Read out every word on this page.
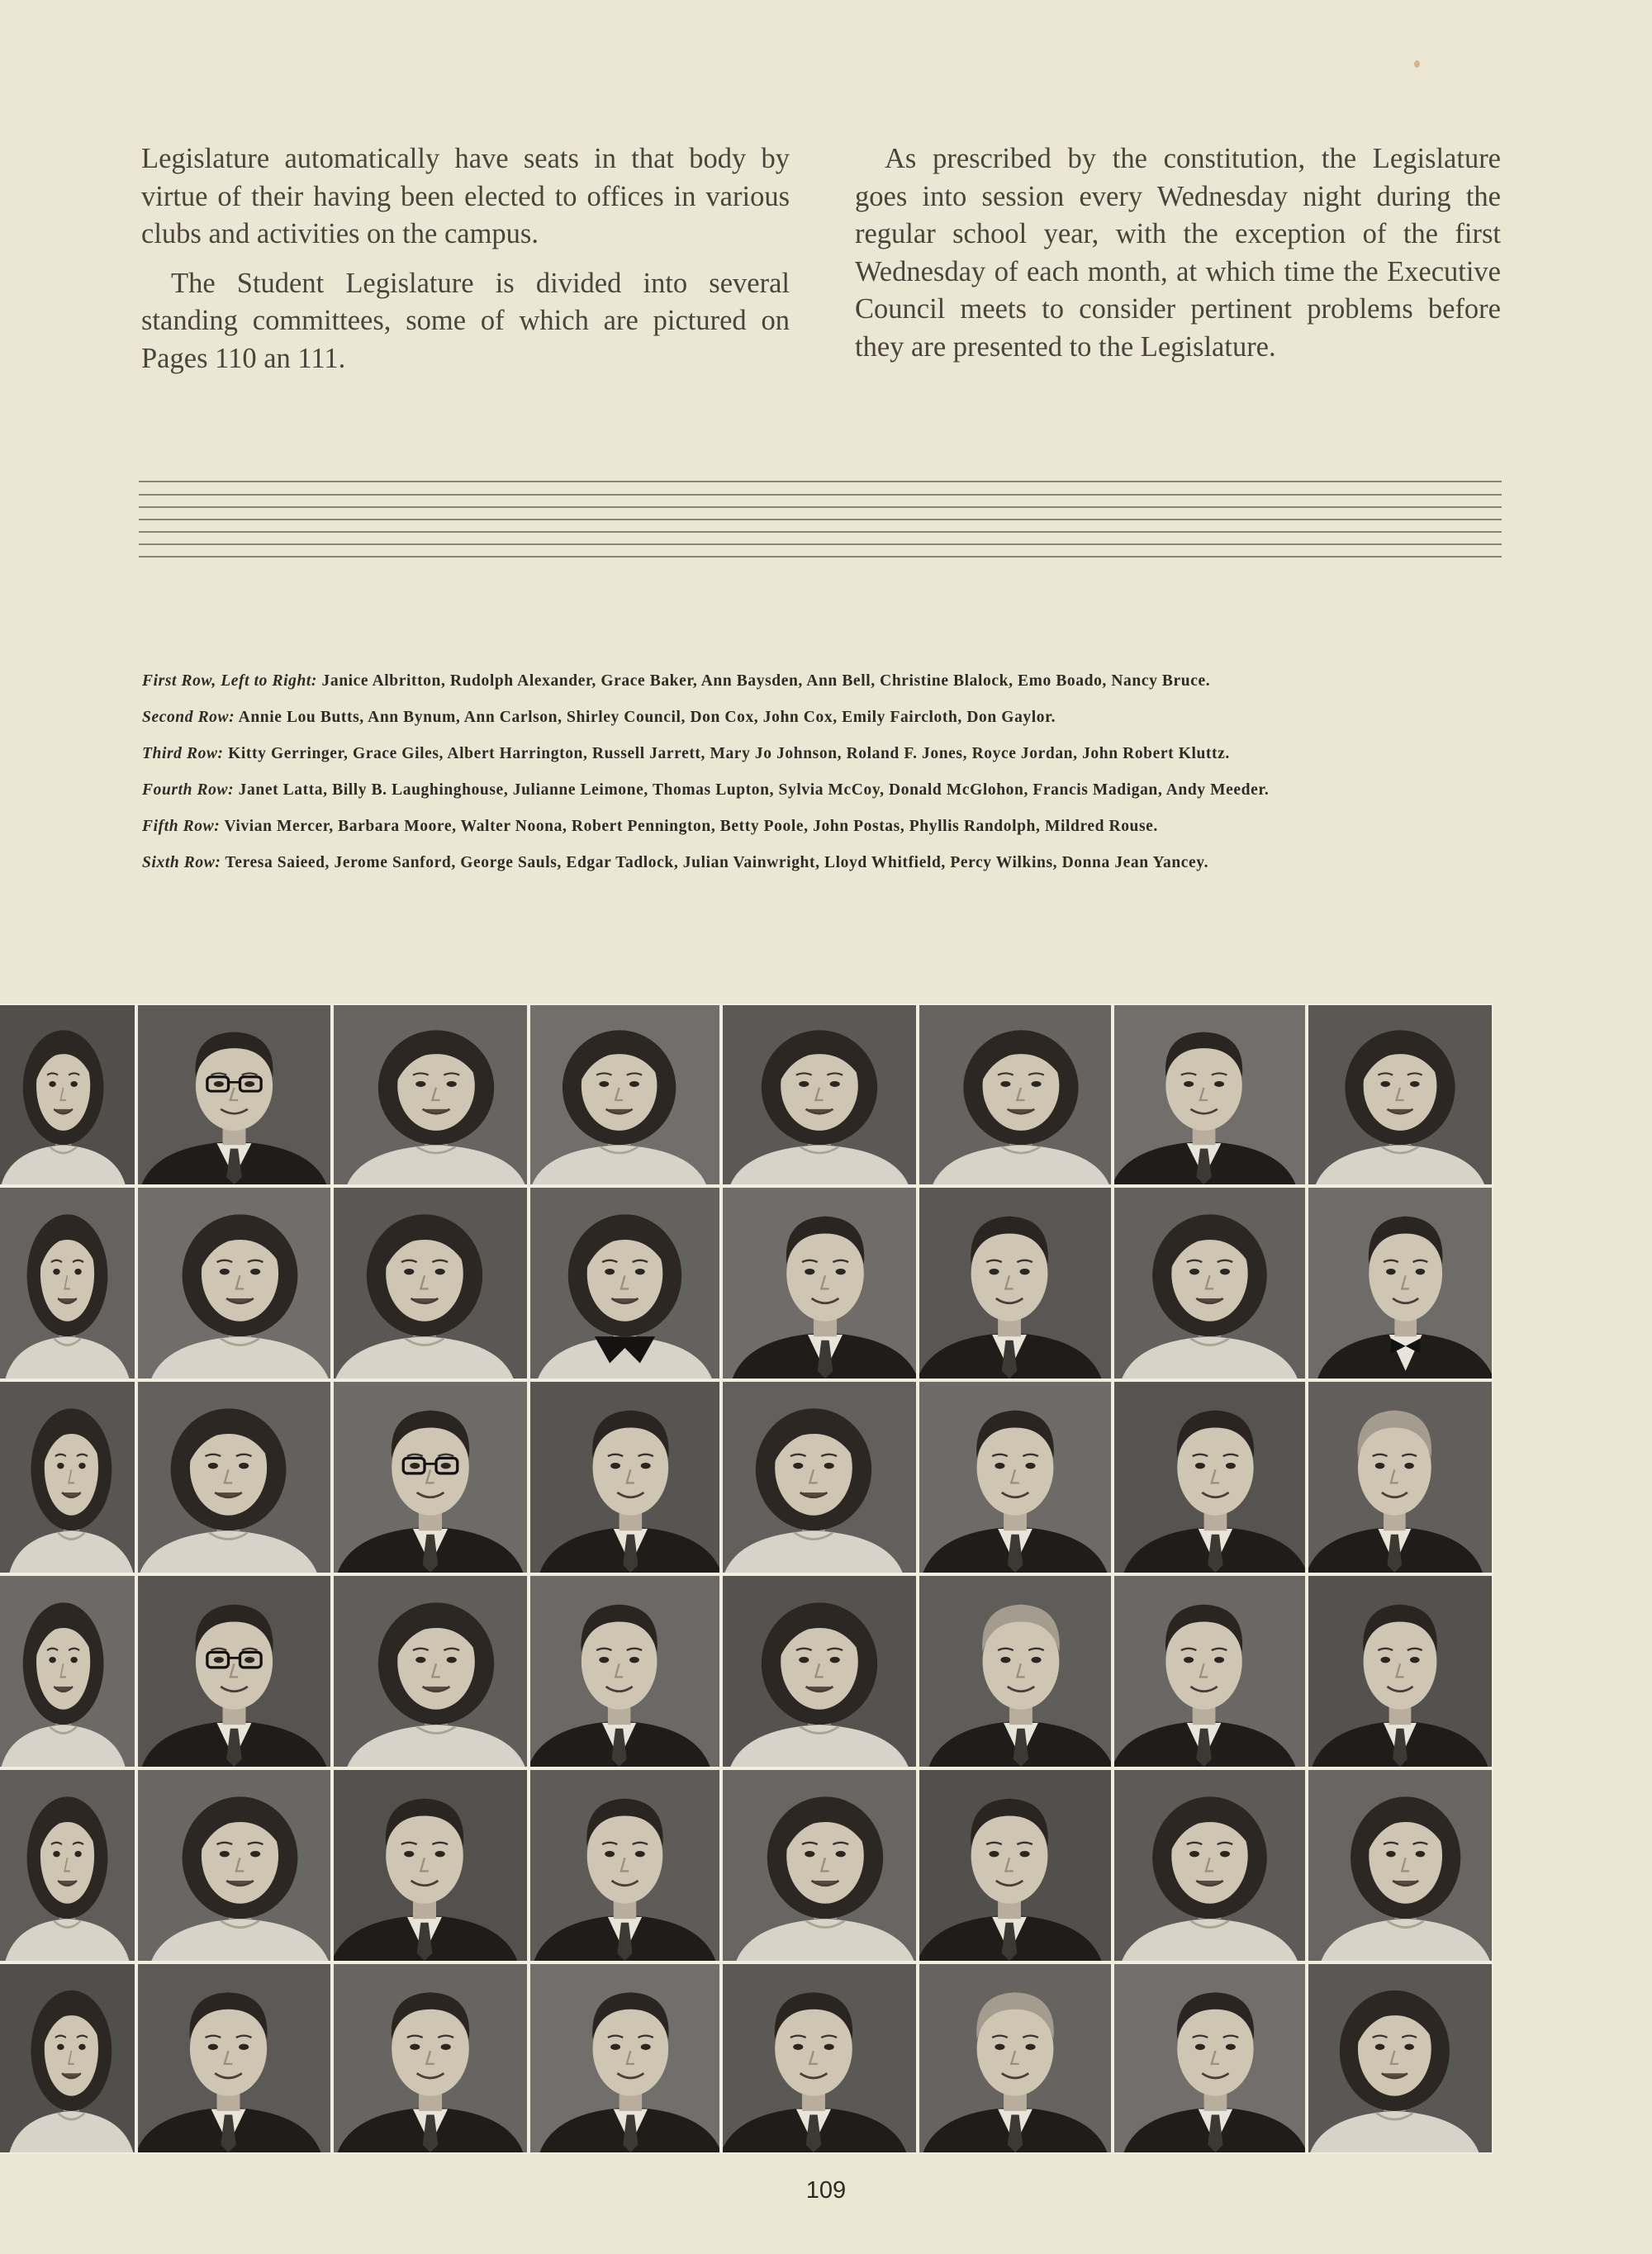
Legislature automatically have seats in that body by virtue of their having been elected to offices in various clubs and activities on the campus.

The Student Legislature is divided into several standing committees, some of which are pictured on Pages 110 an 111.

As prescribed by the constitution, the Legislature goes into session every Wednesday night during the regular school year, with the exception of the first Wednesday of each month, at which time the Executive Council meets to consider pertinent problems before they are presented to the Legislature.

First Row, Left to Right: Janice Albritton, Rudolph Alexander, Grace Baker, Ann Baysden, Ann Bell, Christine Blalock, Emo Boado, Nancy Bruce.
Second Row: Annie Lou Butts, Ann Bynum, Ann Carlson, Shirley Council, Don Cox, John Cox, Emily Faircloth, Don Gaylor.
Third Row: Kitty Gerringer, Grace Giles, Albert Harrington, Russell Jarrett, Mary Jo Johnson, Roland F. Jones, Royce Jordan, John Robert Kluttz.
Fourth Row: Janet Latta, Billy B. Laughinghouse, Julianne Leimone, Thomas Lupton, Sylvia McCoy, Donald McGlohon, Francis Madigan, Andy Meeder.
Fifth Row: Vivian Mercer, Barbara Moore, Walter Noona, Robert Pennington, Betty Poole, John Postas, Phyllis Randolph, Mildred Rouse.
Sixth Row: Teresa Saieed, Jerome Sanford, George Sauls, Edgar Tadlock, Julian Vainwright, Lloyd Whitfield, Percy Wilkins, Donna Jean Yancey.
109
